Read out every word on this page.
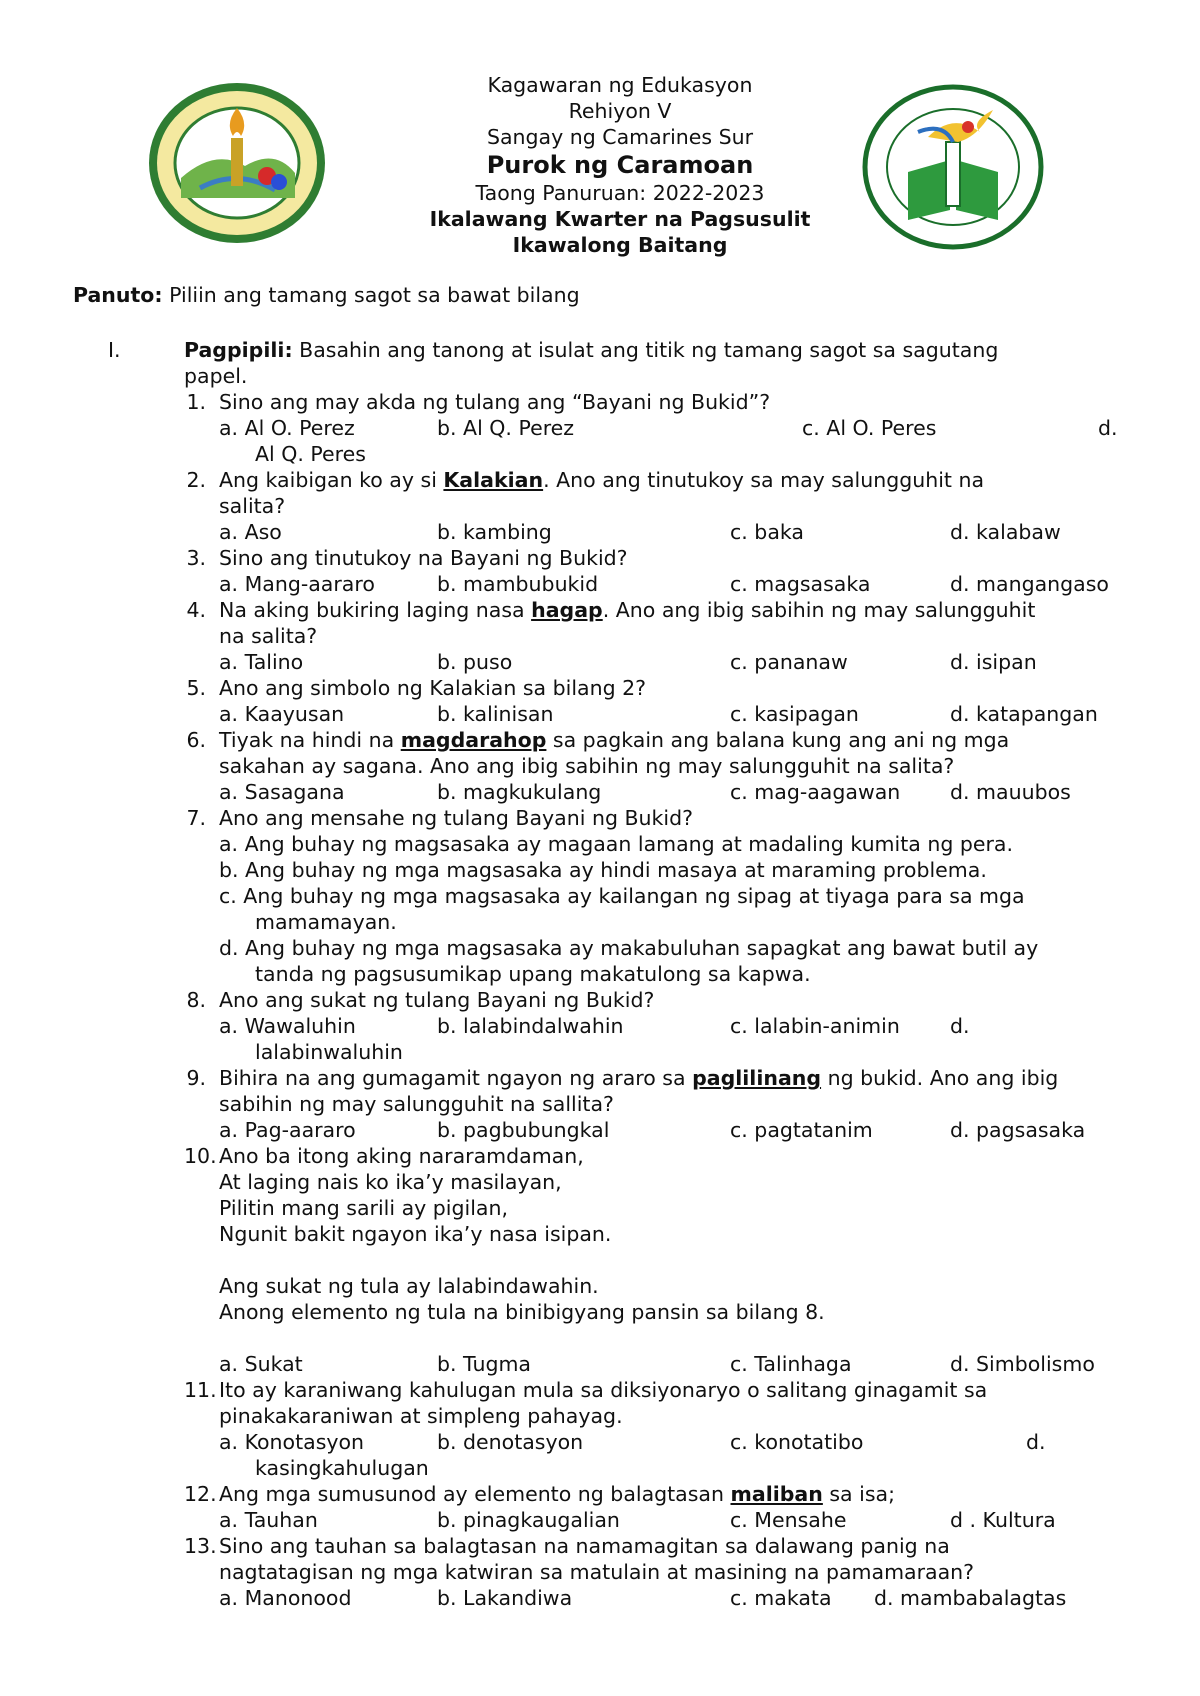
Kagawaran ng Edukasyon
Rehiyon V
Sangay ng Camarines Sur
Purok ng Caramoan
Taong Panuruan: 2022-2023
Ikalawang Kwarter na Pagsusulit
Ikawalong Baitang
Panuto: Piliin ang tamang sagot sa bawat bilang
I.	Pagpipili: Basahin ang tanong at isulat ang titik ng tamang sagot sa sagutang
papel.
1. Sino ang may akda ng tulang ang “Bayani ng Bukid”?
a. Al O. Perez	b. Al Q. Perez	c. Al O. Peres	d.
Al Q. Peres
2. Ang kaibigan ko ay si Kalakian. Ano ang tinutukoy sa may salungguhit na
salita?
a. Aso	b. kambing	c. baka	d. kalabaw
3. Sino ang tinutukoy na Bayani ng Bukid?
a. Mang-aararo	b. mambubukid	c. magsasaka	d. mangangaso
4. Na aking bukiring laging nasa hagap. Ano ang ibig sabihin ng may salungguhit
na salita?
a. Talino	b. puso	c. pananaw	d. isipan
5. Ano ang simbolo ng Kalakian sa bilang 2?
a. Kaayusan	b. kalinisan	c. kasipagan	d. katapangan
6. Tiyak na hindi na magdarahop sa pagkain ang balana kung ang ani ng mga
sakahan ay sagana. Ano ang ibig sabihin ng may salungguhit na salita?
a. Sasagana	b. magkukulang	c. mag-aagawan d. mauubos
7. Ano ang mensahe ng tulang Bayani ng Bukid?
a. Ang buhay ng magsasaka ay magaan lamang at madaling kumita ng pera.
b. Ang buhay ng mga magsasaka ay hindi masaya at maraming problema.
c. Ang buhay ng mga magsasaka ay kailangan ng sipag at tiyaga para sa mga
mamamayan.
d. Ang buhay ng mga magsasaka ay makabuluhan sapagkat ang bawat butil ay
tanda ng pagsusumikap upang makatulong sa kapwa.
8. Ano ang sukat ng tulang Bayani ng Bukid?
a. Wawaluhin	b. lalabindalwahin	c. lalabin-animin d.
lalabinwaluhin
9. Bihira na ang gumagamit ngayon ng araro sa paglilinang ng bukid. Ano ang ibig
sabihin ng may salungguhit na sallita?
a. Pag-aararo	b. pagbubungkal	c. pagtatanim	d. pagsasaka
10. Ano ba itong aking nararamdaman,
At laging nais ko ika’y masilayan,
Pilitin mang sarili ay pigilan,
Ngunit bakit ngayon ika’y nasa isipan.
Ang sukat ng tula ay lalabindawahin.
Anong elemento ng tula na binibigyang pansin sa bilang 8.
a. Sukat	b. Tugma	c. Talinhaga	d. Simbolismo
11. Ito ay karaniwang kahulugan mula sa diksiyonaryo o salitang ginagamit sa
pinakakaraniwan at simpleng pahayag.
a. Konotasyon	b. denotasyon	c. konotatibo	d.
kasingkahulugan
12. Ang mga sumusunod ay elemento ng balagtasan maliban sa isa;
a. Tauhan	b. pinagkaugalian	c. Mensahe	d . Kultura
13. Sino ang tauhan sa balagtasan na namamagitan sa dalawang panig na
nagtatagisan ng mga katwiran sa matulain at masining na pamamaraan?
a. Manonood	b. Lakandiwa	c. makata d. mambabalagtas
